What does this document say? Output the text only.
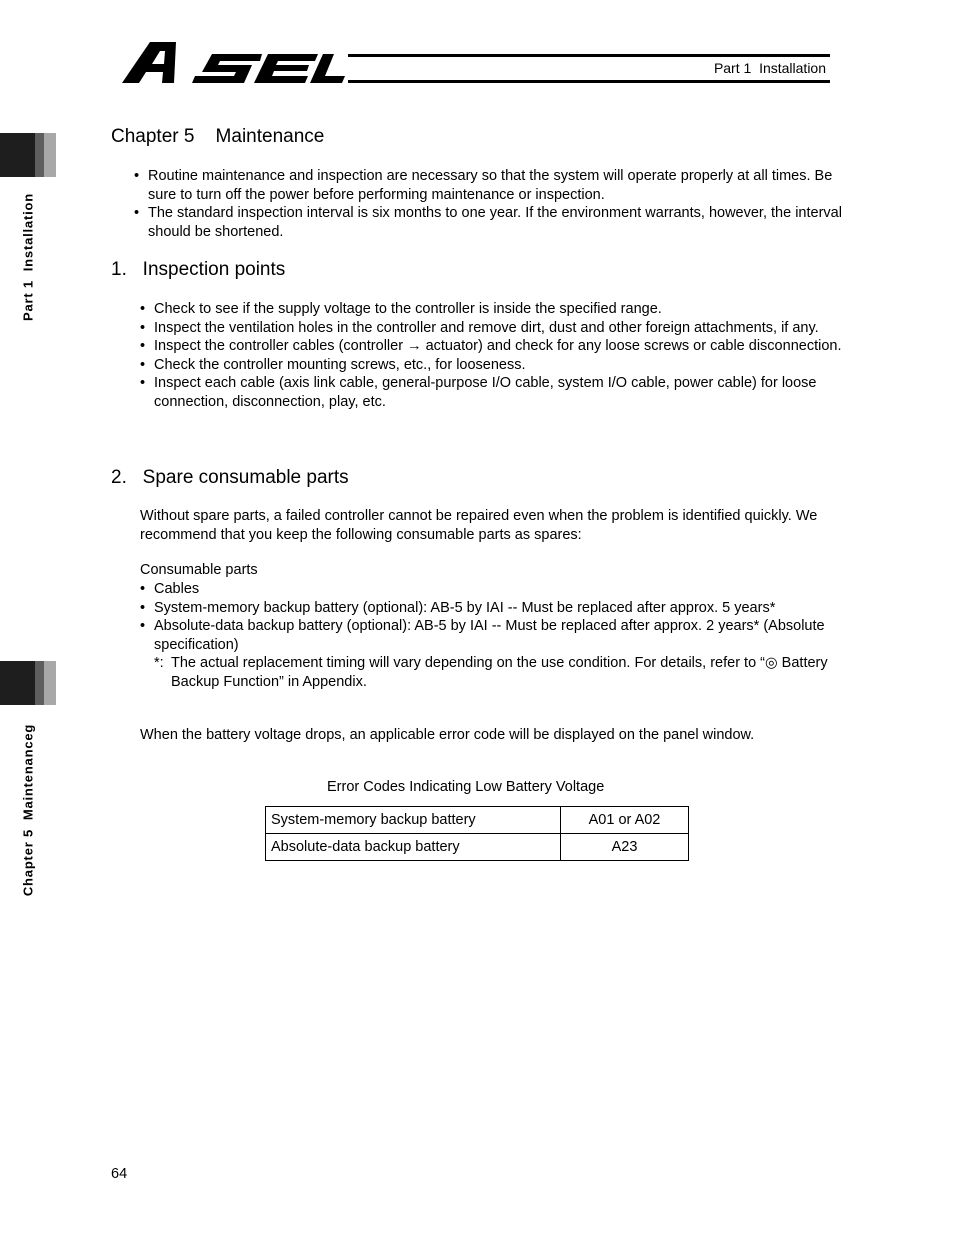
Part 1  Installation
Part 1  Installation
Chapter 5  Maintenanceg
Chapter 5    Maintenance
• Routine maintenance and inspection are necessary so that the system will operate properly at all times. Be sure to turn off the power before performing maintenance or inspection.
• The standard inspection interval is six months to one year. If the environment warrants, however, the interval should be shortened.
1.   Inspection points
• Check to see if the supply voltage to the controller is inside the specified range.
• Inspect the ventilation holes in the controller and remove dirt, dust and other foreign attachments, if any.
• Inspect the controller cables (controller → actuator) and check for any loose screws or cable disconnection.
• Check the controller mounting screws, etc., for looseness.
• Inspect each cable (axis link cable, general-purpose I/O cable, system I/O cable, power cable) for loose connection, disconnection, play, etc.
2.   Spare consumable parts
Without spare parts, a failed controller cannot be repaired even when the problem is identified quickly. We recommend that you keep the following consumable parts as spares:
Consumable parts
• Cables
• System-memory backup battery (optional): AB-5 by IAI -- Must be replaced after approx. 5 years*
• Absolute-data backup battery (optional): AB-5 by IAI -- Must be replaced after approx. 2 years* (Absolute specification)
*: The actual replacement timing will vary depending on the use condition. For details, refer to “◎ Battery Backup Function” in Appendix.
When the battery voltage drops, an applicable error code will be displayed on the panel window.
Error Codes Indicating Low Battery Voltage
System-memory backup battery	A01 or A02
Absolute-data backup battery	A23
64
